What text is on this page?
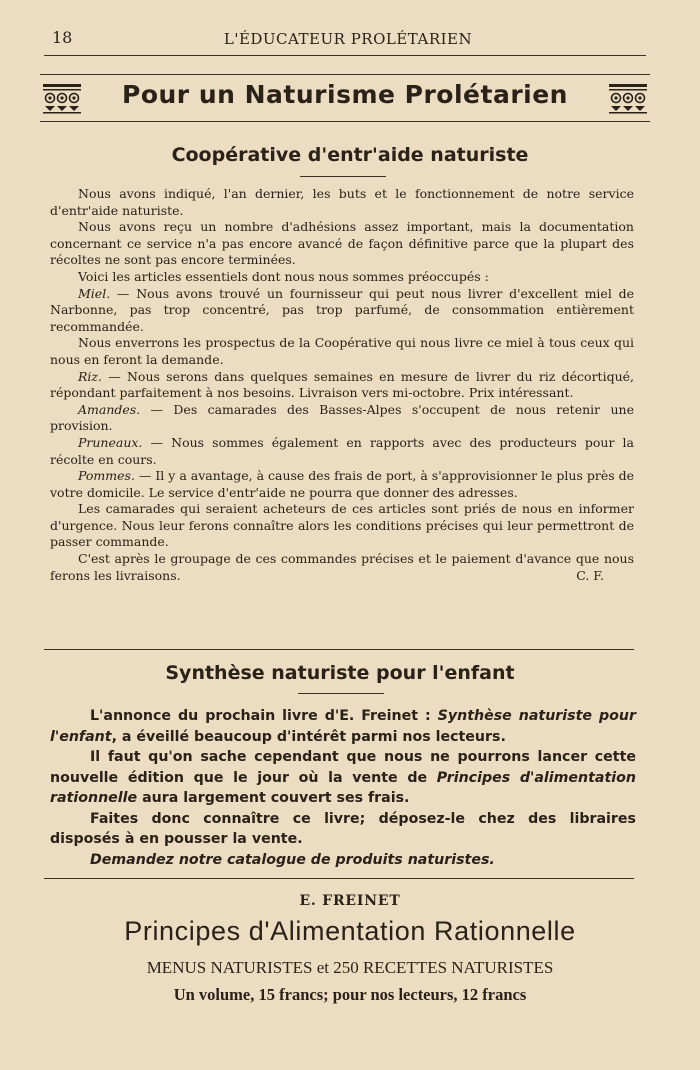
18	L'ÉDUCATEUR PROLÉTARIEN
Pour un Naturisme Prolétarien
Coopérative d'entr'aide naturiste

Nous avons indiqué, l'an dernier, les buts et le fonctionnement de notre service d'entr'aide naturiste.

Nous avons reçu un nombre d'adhésions assez important, mais la documentation concernant ce service n'a pas encore avancé de façon définitive parce que la plupart des récoltes ne sont pas encore terminées.

Voici les articles essentiels dont nous nous sommes préoccupés :

Miel. — Nous avons trouvé un fournisseur qui peut nous livrer d'excellent miel de Narbonne, pas trop concentré, pas trop parfumé, de consommation entièrement recommandée.

Nous enverrons les prospectus de la Coopérative qui nous livre ce miel à tous ceux qui nous en feront la demande.

Riz. — Nous serons dans quelques semaines en mesure de livrer du riz décortiqué, répondant parfaitement à nos besoins. Livraison vers mi-octobre. Prix intéressant.

Amandes. — Des camarades des Basses-Alpes s'occupent de nous retenir une provision.

Pruneaux. — Nous sommes également en rapports avec des producteurs pour la récolte en cours.

Pommes. — Il y a avantage, à cause des frais de port, à s'approvisionner le plus près de votre domicile. Le service d'entr'aide ne pourra que donner des adresses.

Les camarades qui seraient acheteurs de ces articles sont priés de nous en informer d'urgence. Nous leur ferons connaître alors les conditions précises qui leur permettront de passer commande.

C'est après le groupage de ces commandes précises et le paiement d'avance que nous ferons les livraisons.	C. F.

Synthèse naturiste pour l'enfant

L'annonce du prochain livre d'E. Freinet : Synthèse naturiste pour l'enfant, a éveillé beaucoup d'intérêt parmi nos lecteurs.

Il faut qu'on sache cependant que nous ne pourrons lancer cette nouvelle édition que le jour où la vente de Principes d'alimentation rationnelle aura largement couvert ses frais.

Faites donc connaître ce livre; déposez-le chez des libraires disposés à en pousser la vente.

Demandez notre catalogue de produits naturistes.

E. FREINET
Principes d'Alimentation Rationnelle
MENUS NATURISTES et 250 RECETTES NATURISTES
Un volume, 15 francs; pour nos lecteurs, 12 francs
